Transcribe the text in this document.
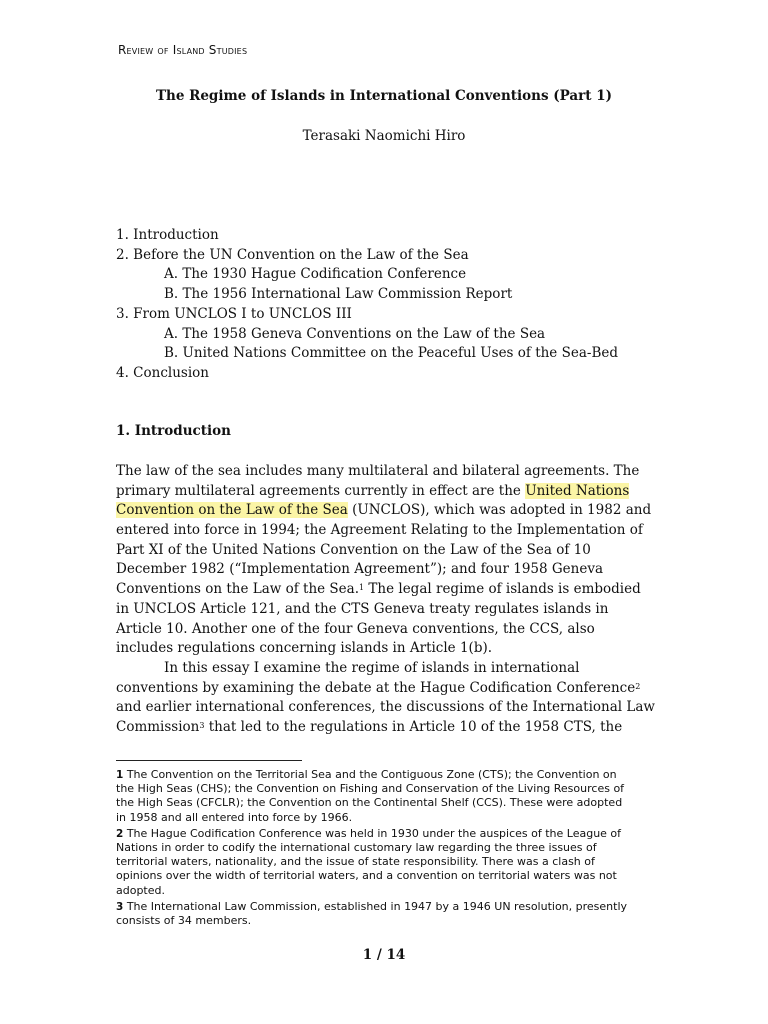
Review of Island Studies
The Regime of Islands in International Conventions (Part 1)
Terasaki Naomichi Hiro
1. Introduction
2. Before the UN Convention on the Law of the Sea
A. The 1930 Hague Codification Conference
B. The 1956 International Law Commission Report
3. From UNCLOS I to UNCLOS III
A. The 1958 Geneva Conventions on the Law of the Sea
B. United Nations Committee on the Peaceful Uses of the Sea-Bed
4. Conclusion
1. Introduction
The law of the sea includes many multilateral and bilateral agreements. The
primary multilateral agreements currently in effect are the United Nations
Convention on the Law of the Sea (UNCLOS), which was adopted in 1982 and
entered into force in 1994; the Agreement Relating to the Implementation of
Part XI of the United Nations Convention on the Law of the Sea of 10
December 1982 (“Implementation Agreement”); and four 1958 Geneva
Conventions on the Law of the Sea.$^1$ The legal regime of islands is embodied
in UNCLOS Article 121, and the CTS Geneva treaty regulates islands in
Article 10. Another one of the four Geneva conventions, the CCS, also
includes regulations concerning islands in Article 1(b).
In this essay I examine the regime of islands in international
conventions by examining the debate at the Hague Codification Conference$^2$
and earlier international conferences, the discussions of the International Law
Commission$^3$ that led to the regulations in Article 10 of the 1958 CTS, the
1 The Convention on the Territorial Sea and the Contiguous Zone (CTS); the Convention on
the High Seas (CHS); the Convention on Fishing and Conservation of the Living Resources of
the High Seas (CFCLR); the Convention on the Continental Shelf (CCS). These were adopted
in 1958 and all entered into force by 1966.
2 The Hague Codification Conference was held in 1930 under the auspices of the League of
Nations in order to codify the international customary law regarding the three issues of
territorial waters, nationality, and the issue of state responsibility. There was a clash of
opinions over the width of territorial waters, and a convention on territorial waters was not
adopted.
3 The International Law Commission, established in 1947 by a 1946 UN resolution, presently
consists of 34 members.
1 / 14
